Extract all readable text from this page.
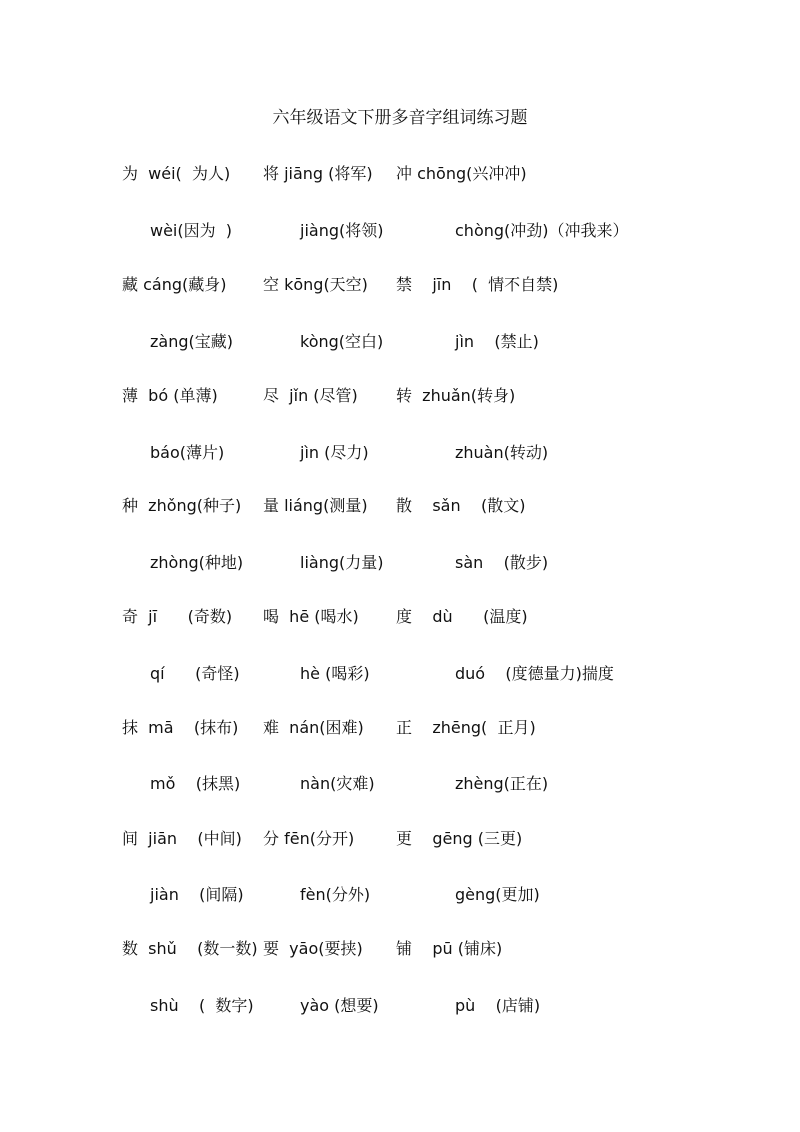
六年级语文下册多音字组词练习题
为  wéi(  为人) 将 jiāng (将军) 冲 chōng(兴冲冲)
wèi(因为  )	jiàng(将领)	chòng(冲劲)（冲我来）
藏 cáng(藏身) 空 kōng(天空) 禁    jīn    (  情不自禁)
zàng(宝藏)	kòng(空白)	jìn    (禁止)
薄  bó (单薄)	尽  jǐn (尽管) 转  zhuǎn(转身)
báo(薄片)	jìn (尽力)	zhuàn(转动)
种  zhǒng(种子) 量 liáng(测量) 散    sǎn    (散文)
zhòng(种地)	liàng(力量)	sàn    (散步)
奇  jī      (奇数) 喝  hē (喝水) 度    dù      (温度)
qí      (奇怪)	hè (喝彩)	duó    (度德量力)揣度
抹  mā    (抹布) 难  nán(困难) 正    zhēng(  正月)
mǒ    (抹黑)	nàn(灾难)	zhèng(正在)
间  jiān    (中间) 分 fēn(分开)	更    gēng (三更)
jiàn    (间隔)	fèn(分外)	gèng(更加)
数  shǔ    (数一数) 要  yāo(要挟) 铺    pū (铺床)
shù    (  数字)	yào (想要)	pù    (店铺)
